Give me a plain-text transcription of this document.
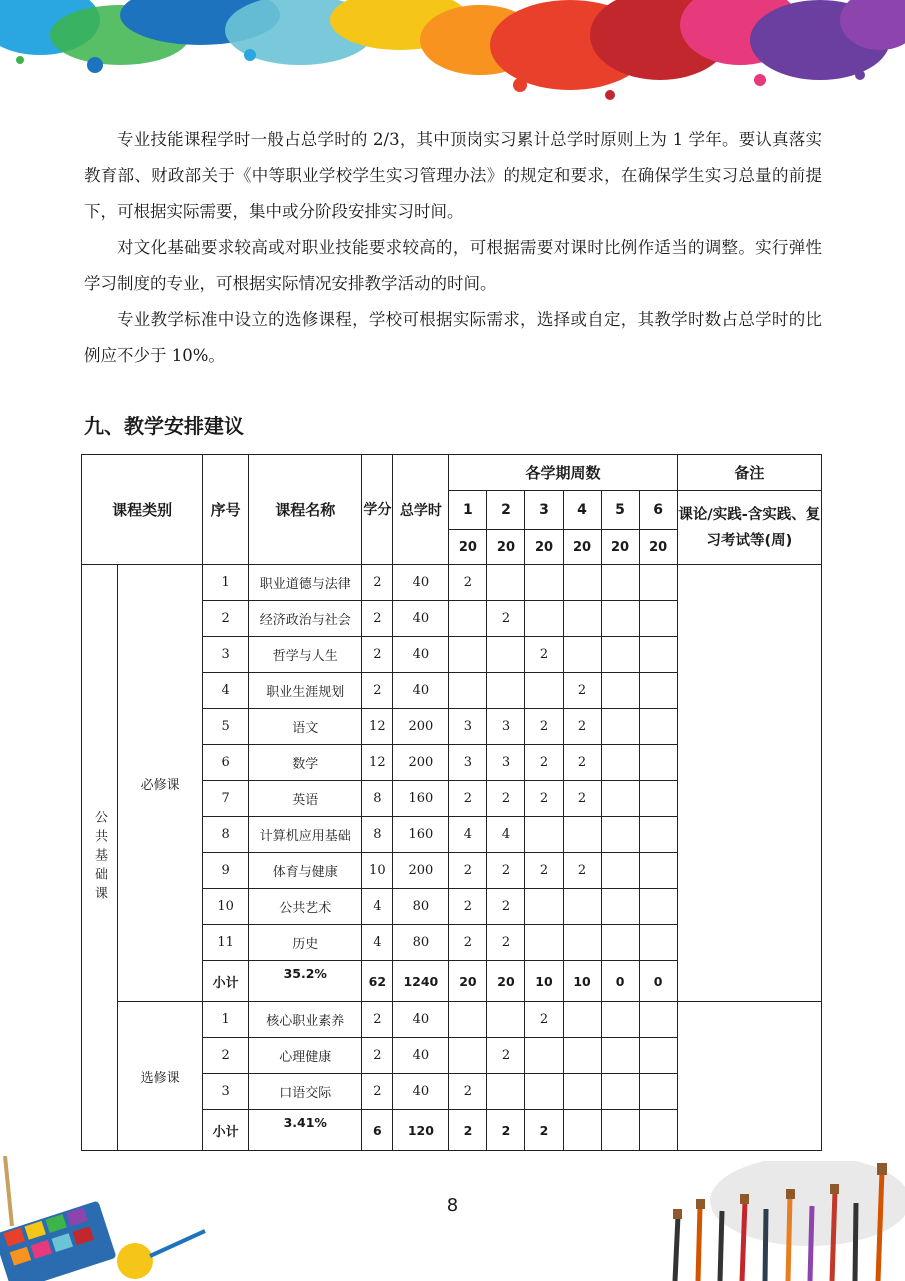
专业技能课程学时一般占总学时的 2/3，其中顶岗实习累计总学时原则上为 1 学年。要认真落实教育部、财政部关于《中等职业学校学生实习管理办法》的规定和要求，在确保学生实习总量的前提下，可根据实际需要，集中或分阶段安排实习时间。

对文化基础要求较高或对职业技能要求较高的，可根据需要对课时比例作适当的调整。实行弹性学习制度的专业，可根据实际情况安排教学活动的时间。

专业教学标准中设立的选修课程，学校可根据实际需求，选择或自定，其教学时数占总学时的比例应不少于 10%。

九、教学安排建议
课程类别		序号	课程名称	学分	总学时	各学期周数						备注
						1	2	3	4	5	6	课论/实践-含实践、复习考试等(周)
						20	20	20	20	20	20	
公共基础课	必修课	1	职业道德与法律	2	40	2						
		2	经济政治与社会	2	40		2					
		3	哲学与人生	2	40			2				
		4	职业生涯规划	2	40				2			
		5	语文	12	200	3	3	2	2			
		6	数学	12	200	3	3	2	2			
		7	英语	8	160	2	2	2	2			
		8	计算机应用基础	8	160	4	4					
		9	体育与健康	10	200	2	2	2	2			
		10	公共艺术	4	80	2	2					
		11	历史	4	80	2	2					
		小计	35.2%	62	1240	20	20	10	10	0	0	
	选修课	1	核心职业素养	2	40			2				
		2	心理健康	2	40		2					
		3	口语交际	2	40	2						
		小计	3.41%	6	120	2	2	2				
8
